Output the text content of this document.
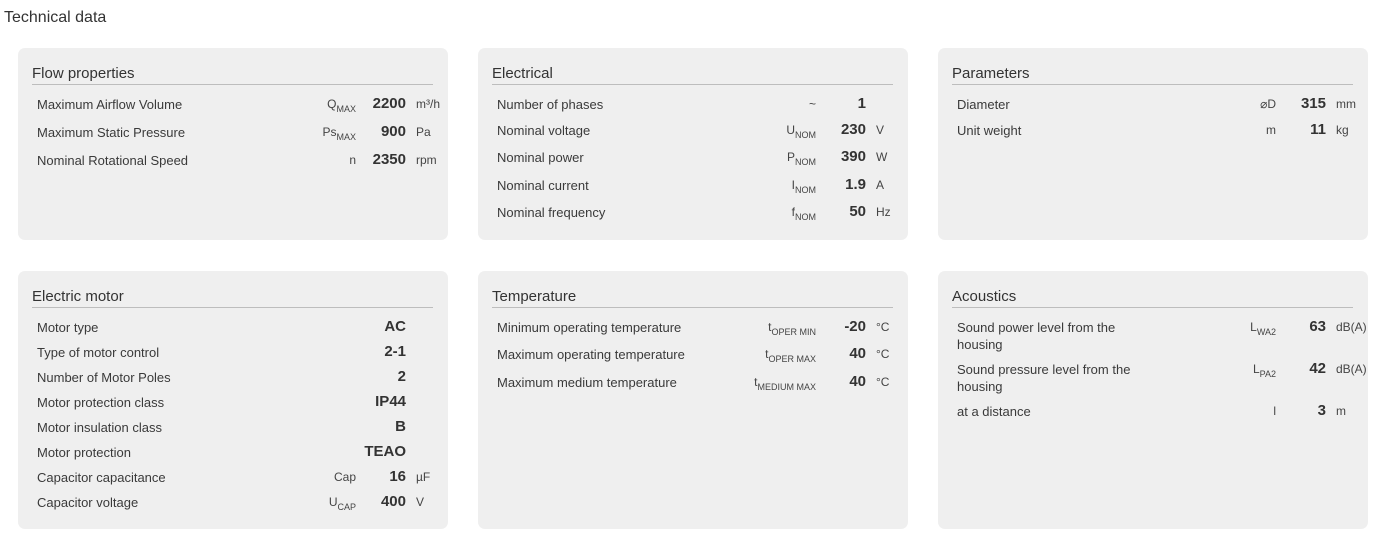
Technical data
Flow properties
Maximum Airflow Volume	$Q_{MAX}$ 2200 m³/h
Maximum Static Pressure	$Ps_{MAX}$ 900 Pa
Nominal Rotational Speed	n 2350 rpm
Electrical
Number of phases	~	1
Nominal voltage	$U_{NOM}$ 230 V
Nominal power	$P_{NOM}$ 390 W
Nominal current	$I_{NOM}$ 1.9 A
Nominal frequency	$f_{NOM}$ 50 Hz
Parameters
Diameter	⌀D 315 mm
Unit weight	m 11 kg
Electric motor
Motor type	AC
Type of motor control	2-1
Number of Motor Poles	2
Motor protection class	IP44
Motor insulation class	B
Motor protection	TEAO
Capacitor capacitance	Cap 16 µF
Capacitor voltage	$U_{CAP}$ 400 V
Temperature
Minimum operating temperature	$t_{OPER MIN}$ -20 °C
Maximum operating temperature	$t_{OPER MAX}$ 40 °C
Maximum medium temperature	$t_{MEDIUM MAX}$ 40 °C
Acoustics
Sound power level from the housing
$L_{WA2}$ 63 dB(A)
Sound pressure level from the housing
$L_{PA2}$ 42 dB(A)
at a distance	l	3 m
